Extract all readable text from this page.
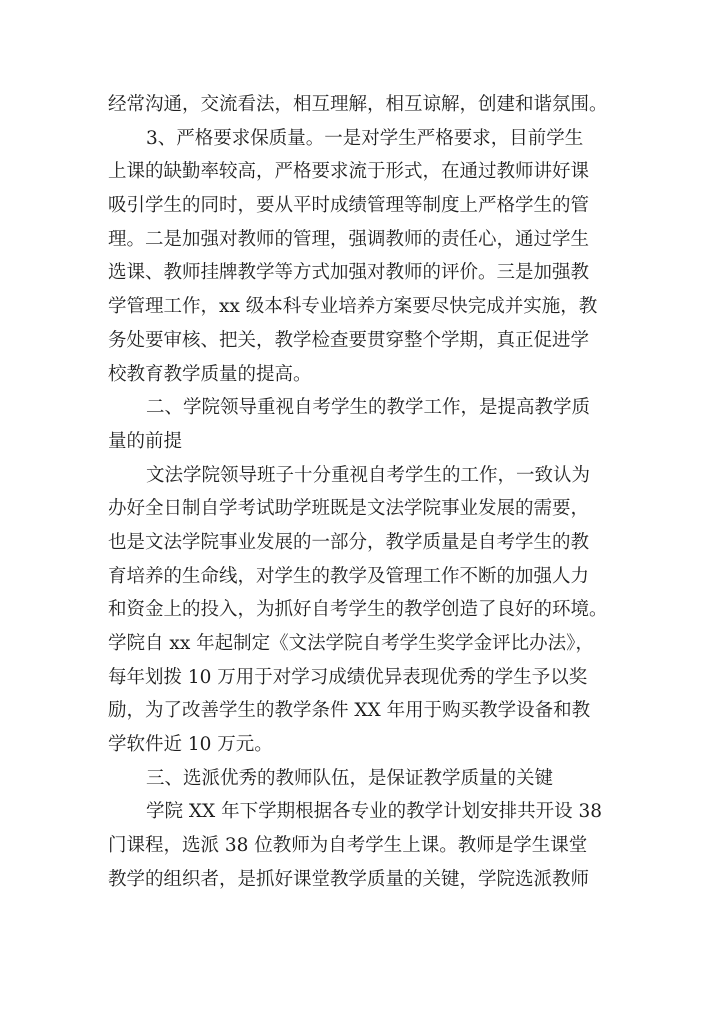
经常沟通，交流看法，相互理解，相互谅解，创建和谐氛围。
3、严格要求保质量。一是对学生严格要求，目前学生
上课的缺勤率较高，严格要求流于形式，在通过教师讲好课
吸引学生的同时，要从平时成绩管理等制度上严格学生的管
理。二是加强对教师的管理，强调教师的责任心，通过学生
选课、教师挂牌教学等方式加强对教师的评价。三是加强教
学管理工作，xx 级本科专业培养方案要尽快完成并实施，教
务处要审核、把关，教学检查要贯穿整个学期，真正促进学
校教育教学质量的提高。
二、学院领导重视自考学生的教学工作，是提高教学质
量的前提
文法学院领导班子十分重视自考学生的工作，一致认为
办好全日制自学考试助学班既是文法学院事业发展的需要，
也是文法学院事业发展的一部分，教学质量是自考学生的教
育培养的生命线，对学生的教学及管理工作不断的加强人力
和资金上的投入，为抓好自考学生的教学创造了良好的环境。
学院自 xx 年起制定《文法学院自考学生奖学金评比办法》，
每年划拨 10 万用于对学习成绩优异表现优秀的学生予以奖
励，为了改善学生的教学条件 XX 年用于购买教学设备和教
学软件近 10 万元。
三、选派优秀的教师队伍，是保证教学质量的关键
学院 XX 年下学期根据各专业的教学计划安排共开设 38
门课程，选派 38 位教师为自考学生上课。教师是学生课堂
教学的组织者，是抓好课堂教学质量的关键，学院选派教师
